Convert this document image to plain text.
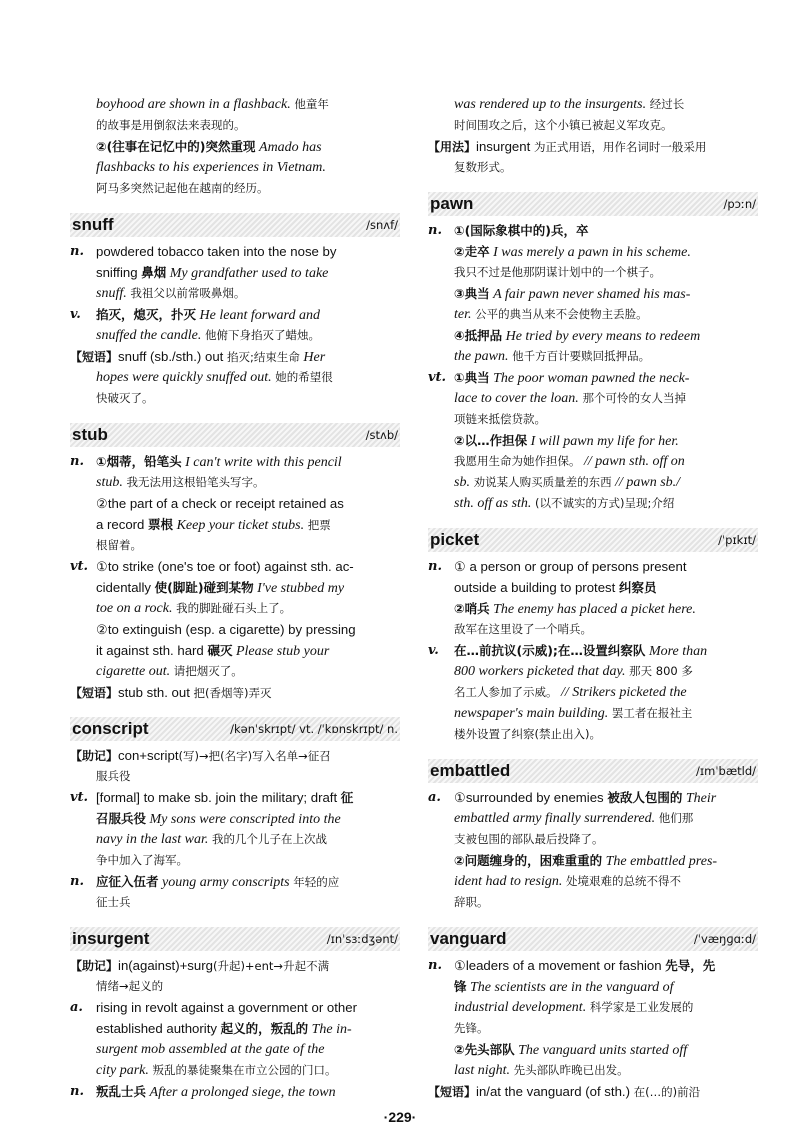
boyhood are shown in a flashback. 他童年
的故事是用倒叙法来表现的。
②(往事在记忆中的)突然重现 Amado has
flashbacks to his experiences in Vietnam.
阿马多突然记起他在越南的经历。
snuff	/snʌf/
n. powdered tobacco taken into the nose by
sniffing 鼻烟 My grandfather used to take
snuff. 我祖父以前常吸鼻烟。
v. 掐灭，熄灭，扑灭 He leant forward and
snuffed the candle. 他俯下身掐灭了蜡烛。
【短语】snuff (sb./sth.) out 掐灭;结束生命 Her
hopes were quickly snuffed out. 她的希望很
快破灭了。
stub	/stʌb/
n. ①烟蒂，铅笔头 I can't write with this pencil
stub. 我无法用这根铅笔头写字。
②the part of a check or receipt retained as
a record 票根 Keep your ticket stubs. 把票
根留着。
vt. ①to strike (one's toe or foot) against sth. ac-
cidentally 使(脚趾)碰到某物 I've stubbed my
toe on a rock. 我的脚趾碰石头上了。
②to extinguish (esp. a cigarette) by pressing
it against sth. hard 碾灭 Please stub your
cigarette out. 请把烟灭了。
【短语】stub sth. out 把(香烟等)弄灭
conscript	/kənˈskrɪpt/ vt. /ˈkɒnskrɪpt/ n.
【助记】con+script(写)→把(名字)写入名单→征召
服兵役
vt. [formal] to make sb. join the military; draft 征
召服兵役 My sons were conscripted into the
navy in the last war. 我的几个儿子在上次战
争中加入了海军。
n. 应征入伍者 young army conscripts 年轻的应
征士兵
insurgent	/ɪnˈsɜːdʒənt/
【助记】in(against)+surg(升起)+ent→升起不满
情绪→起义的
a. rising in revolt against a government or other
established authority 起义的，叛乱的 The in-
surgent mob assembled at the gate of the
city park. 叛乱的暴徒聚集在市立公园的门口。
n. 叛乱士兵 After a prolonged siege, the town
was rendered up to the insurgents. 经过长
时间围攻之后，这个小镇已被起义军攻克。
【用法】insurgent 为正式用语，用作名词时一般采用
复数形式。
pawn	/pɔːn/
n. ①(国际象棋中的)兵，卒
②走卒 I was merely a pawn in his scheme.
我只不过是他那阴谋计划中的一个棋子。
③典当 A fair pawn never shamed his mas-
ter. 公平的典当从来不会使物主丢脸。
④抵押品 He tried by every means to redeem
the pawn. 他千方百计要赎回抵押品。
vt. ①典当 The poor woman pawned the neck-
lace to cover the loan. 那个可怜的女人当掉
项链来抵偿贷款。
②以…作担保 I will pawn my life for her.
我愿用生命为她作担保。 // pawn sth. off on
sb. 劝说某人购买质量差的东西 // pawn sb./
sth. off as sth. (以不诚实的方式)呈现;介绍
picket	/ˈpɪkɪt/
n. ① a person or group of persons present
outside a building to protest 纠察员
②哨兵 The enemy has placed a picket here.
敌军在这里设了一个哨兵。
v. 在…前抗议(示威);在…设置纠察队 More than
800 workers picketed that day. 那天 800 多
名工人参加了示威。 // Strikers picketed the
newspaper's main building. 罢工者在报社主
楼外设置了纠察(禁止出入)。
embattled	/ɪmˈbætld/
a. ①surrounded by enemies 被敌人包围的 Their
embattled army finally surrendered. 他们那
支被包围的部队最后投降了。
②问题缠身的，困难重重的 The embattled pres-
ident had to resign. 处境艰难的总统不得不
辞职。
vanguard	/ˈvæŋɡɑːd/
n. ①leaders of a movement or fashion 先导，先
锋 The scientists are in the vanguard of
industrial development. 科学家是工业发展的
先锋。
②先头部队 The vanguard units started off
last night. 先头部队昨晚已出发。
【短语】in/at the vanguard (of sth.) 在(…的)前沿
·229·
